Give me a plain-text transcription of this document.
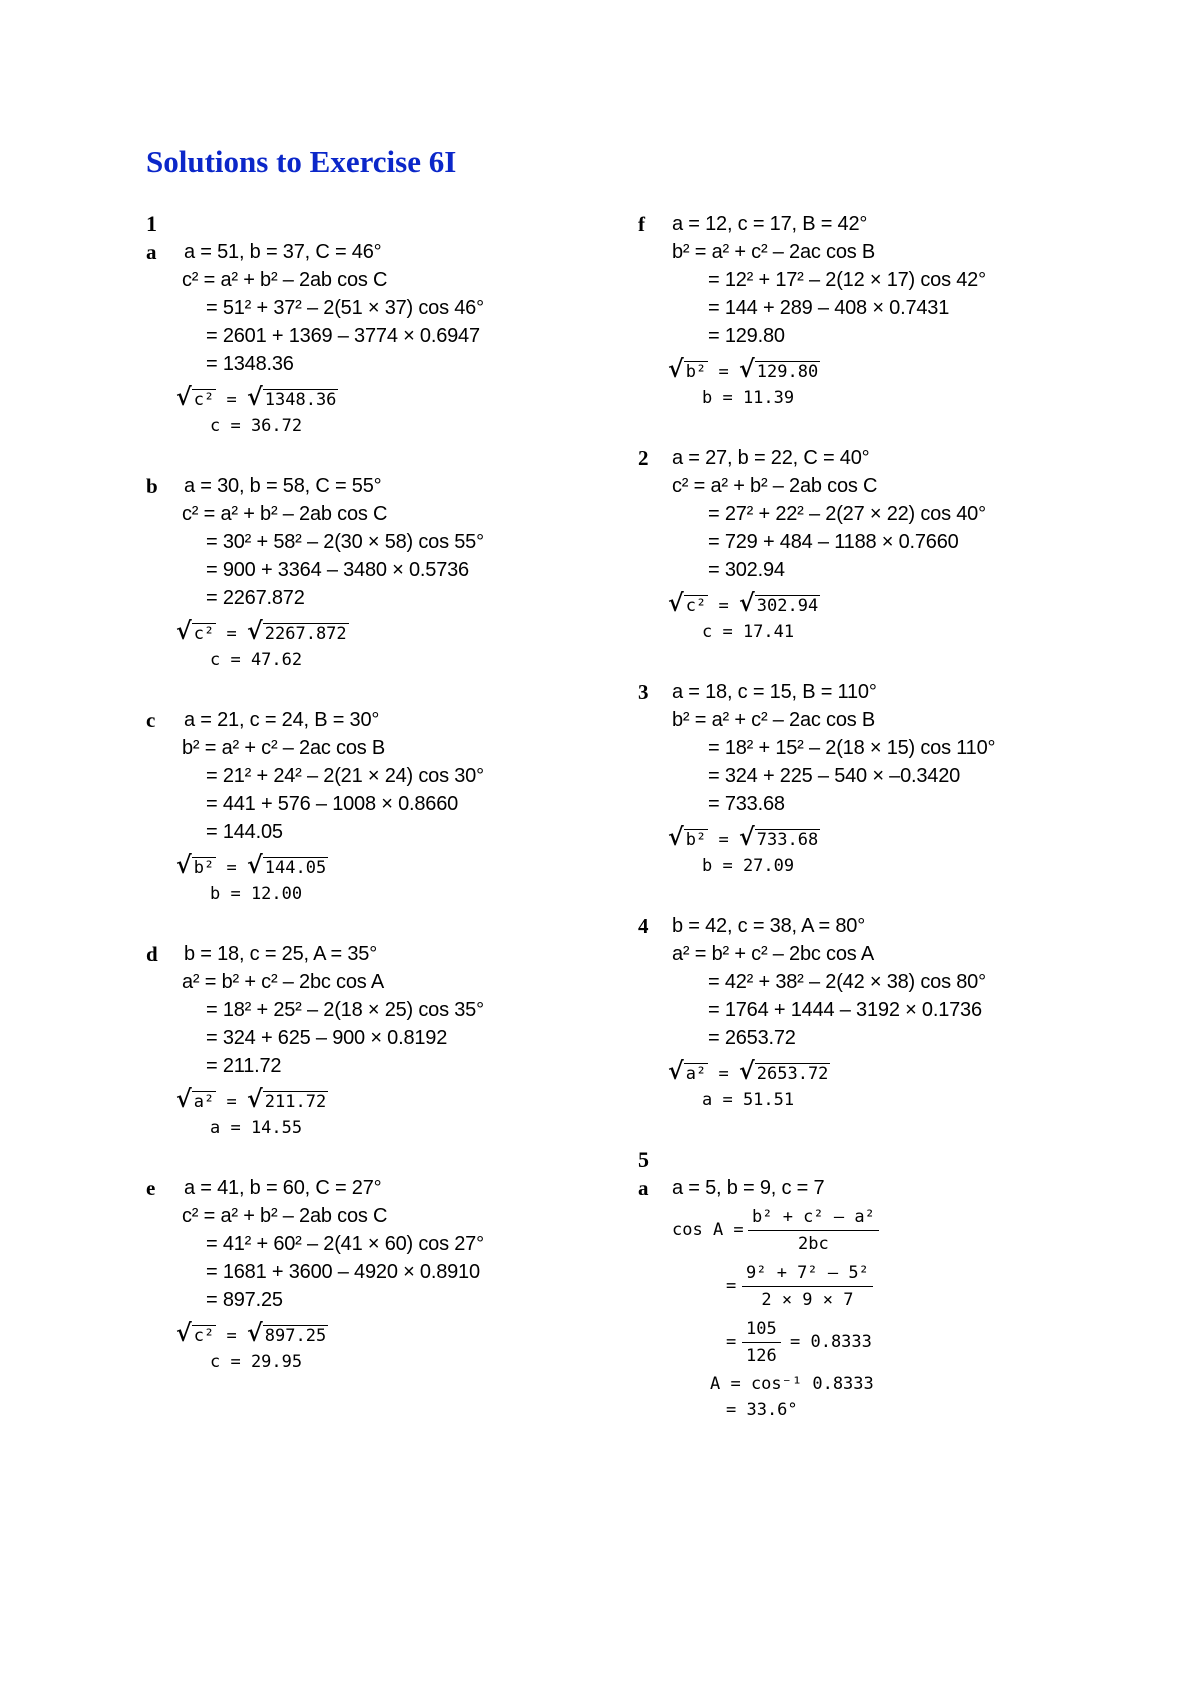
Solutions to Exercise 6I
1
a a = 51, b = 37, C = 46°
c² = a² + b² – 2ab cos C
= 51² + 37² – 2(51 × 37) cos 46°
= 2601 + 1369 – 3774 × 0.6947
= 1348.36
√ c² = √ 1348.36
c = 36.72
b a = 30, b = 58, C = 55°
c² = a² + b² – 2ab cos C
= 30² + 58² – 2(30 × 58) cos 55°
= 900 + 3364 – 3480 × 0.5736
= 2267.872
√ c² = √ 2267.872
c = 47.62
c a = 21, c = 24, B = 30°
b² = a² + c² – 2ac cos B
= 21² + 24² – 2(21 × 24) cos 30°
= 441 + 576 – 1008 × 0.8660
= 144.05
√ b² = √ 144.05
b = 12.00
d b = 18, c = 25, A = 35°
a² = b² + c² – 2bc cos A
= 18² + 25² – 2(18 × 25) cos 35°
= 324 + 625 – 900 × 0.8192
= 211.72
√ a² = √ 211.72
a = 14.55
e a = 41, b = 60, C = 27°
c² = a² + b² – 2ab cos C
= 41² + 60² – 2(41 × 60) cos 27°
= 1681 + 3600 – 4920 × 0.8910
= 897.25
√ c² = √ 897.25
c = 29.95
f a = 12, c = 17, B = 42°
b² = a² + c² – 2ac cos B
= 12² + 17² – 2(12 × 17) cos 42°
= 144 + 289 – 408 × 0.7431
= 129.80
√ b² = √ 129.80
b = 11.39
2 a = 27, b = 22, C = 40°
c² = a² + b² – 2ab cos C
= 27² + 22² – 2(27 × 22) cos 40°
= 729 + 484 – 1188 × 0.7660
= 302.94
√ c² = √ 302.94
c = 17.41
3 a = 18, c = 15, B = 110°
b² = a² + c² – 2ac cos B
= 18² + 15² – 2(18 × 15) cos 110°
= 324 + 225 – 540 × –0.3420
= 733.68
√ b² = √ 733.68
b = 27.09
4 b = 42, c = 38, A = 80°
a² = b² + c² – 2bc cos A
= 42² + 38² – 2(42 × 38) cos 80°
= 1764 + 1444 – 3192 × 0.1736
= 2653.72
√ a² = √ 2653.72
a = 51.51
5
a a = 5, b = 9, c = 7
$\cos A = \frac{\text{b² + c² – a²}}{2bc}$
= $\frac{\text{9² + 7² – 5²}}{2 \times 9 \times 7}$
= $\frac{105}{126} = 0.8333$
A = cos⁻¹ 0.8333
= 33.6°
